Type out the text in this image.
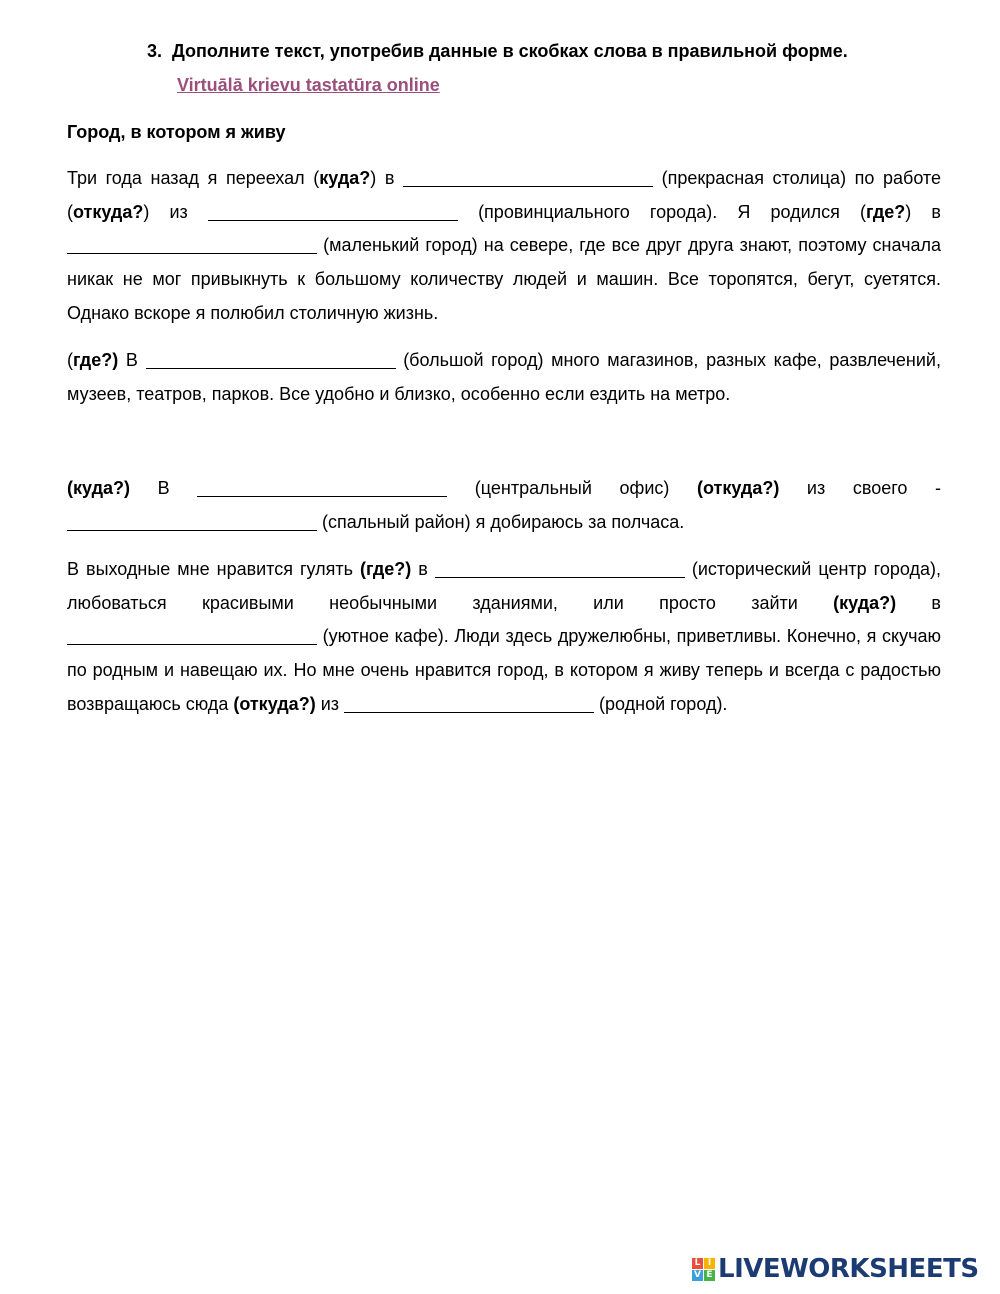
3. Дополните текст, употребив данные в скобках слова в правильной форме.
Virtuālā krievu tastatūra online
Город, в котором я живу

Три года назад я переехал (куда?) в	(прекрасная столица) по работе (откуда?) из	(провинциального города). Я родился (где?) в  (маленький город) на севере, где все друг друга знают, поэтому сначала никак не мог привыкнуть к большому количеству людей и машин. Все торопятся, бегут, суетятся. Однако вскоре я полюбил столичную жизнь.

(где?) В	(большой город) много магазинов, разных кафе, развлечений, музеев, театров, парков. Все удобно и близко, особенно если ездить на метро.

(куда?) В	(центральный офис) (откуда?) из своего -  (спальный район) я добираюсь за полчаса.

В выходные мне нравится гулять (где?) в	(исторический центр города), любоваться красивыми необычными зданиями, или просто зайти (куда?) в  (уютное кафе). Люди здесь дружелюбны, приветливы. Конечно, я скучаю по родным и навещаю их. Но мне очень нравится город, в котором я живу теперь и всегда с радостью возвращаюсь сюда (откуда?) из	(родной город).

L I
V E LIVEWORKSHEETS
